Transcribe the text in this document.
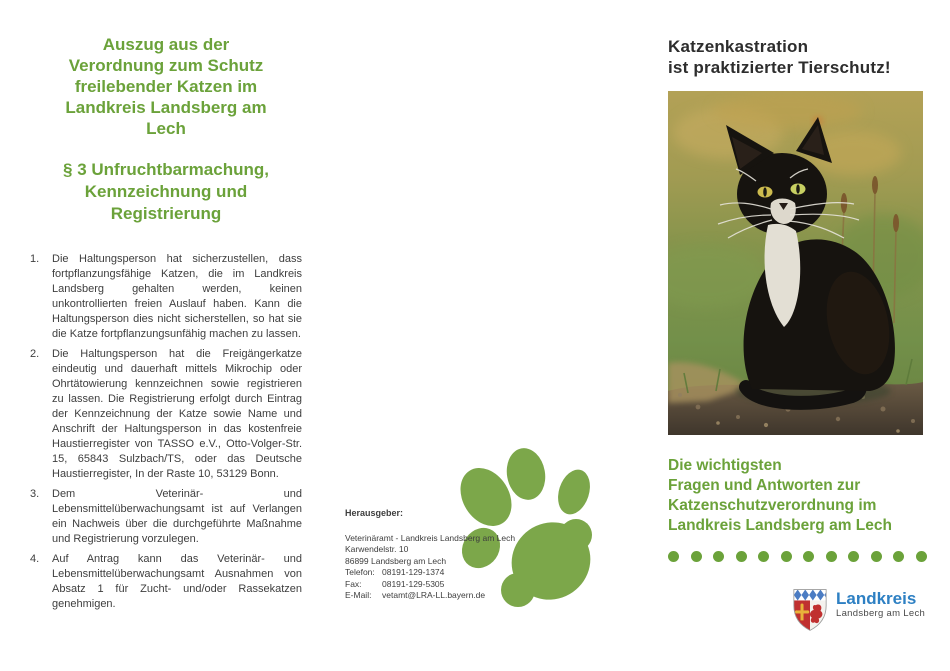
Auszug aus der
Verordnung zum Schutz
freilebender Katzen im
Landkreis Landsberg am
Lech
§ 3 Unfruchtbarmachung,
Kennzeichnung und
Registrierung
1. Die Haltungsperson hat sicherzustellen, dass fortpflanzungsfähige Katzen, die im Landkreis Landsberg gehalten werden, keinen unkontrollierten freien Auslauf haben. Kann die Haltungsperson dies nicht sicherstellen, so hat sie die Katze fortpflanzungsunfähig machen zu lassen.
2. Die Haltungsperson hat die Freigängerkatze eindeutig und dauerhaft mittels Mikrochip oder Ohrtätowierung kennzeichnen sowie registrieren zu lassen. Die Registrierung erfolgt durch Eintrag der Kennzeichnung der Katze sowie Name und Anschrift der Haltungsperson in das kostenfreie Haustierregister von TASSO e.V., Otto-Volger-Str. 15, 65843 Sulzbach/TS, oder das Deutsche Haustierregister, In der Raste 10, 53129 Bonn.
3. Dem Veterinär- und Lebensmittelüberwachungsamt ist auf Verlangen ein Nachweis über die durchgeführte Maßnahme und Registrierung vorzulegen.
4. Auf Antrag kann das Veterinär- und Lebensmittelüberwachungsamt Ausnahmen von Absatz 1 für Zucht- und/oder Rassekatzen genehmigen.
Herausgeber:
Veterinäramt - Landkreis Landsberg am Lech
Karwendelstr. 10
86899 Landsberg am Lech
Telefon: 08191-129-1374
Fax:	08191-129-5305
E-Mail:	vetamt@LRA-LL.bayern.de
Katzenkastration
ist praktizierter Tierschutz!
Die wichtigsten
Fragen und Antworten zur
Katzenschutzverordnung im
Landkreis Landsberg am Lech
Landkreis
Landsberg am Lech
